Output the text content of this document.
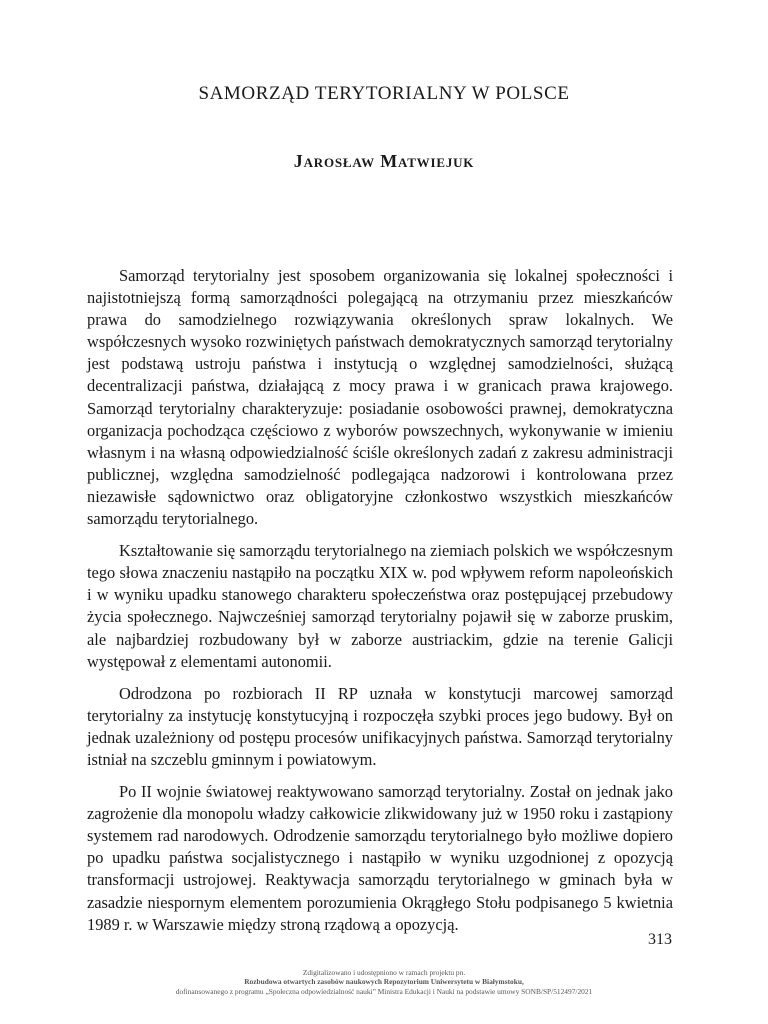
SAMORZĄD TERYTORIALNY W POLSCE
Jarosław Matwiejuk

Samorząd terytorialny jest sposobem organizowania się lokalnej społeczności i najistotniejszą formą samorządności polegającą na otrzymaniu przez mieszkańców prawa do samodzielnego rozwiązywania określonych spraw lokalnych. We współczesnych wysoko rozwiniętych państwach demokratycznych samorząd terytorialny jest podstawą ustroju państwa i instytucją o względnej samodzielności, służącą decentralizacji państwa, działającą z mocy prawa i w granicach prawa krajowego. Samorząd terytorialny charakteryzuje: posiadanie osobowości prawnej, demokratyczna organizacja pochodząca częściowo z wyborów powszechnych, wykonywanie w imieniu własnym i na własną odpowiedzialność ściśle określonych zadań z zakresu administracji publicznej, względna samodzielność podlegająca nadzorowi i kontrolowana przez niezawisłe sądownictwo oraz obligatoryjne członkostwo wszystkich mieszkańców samorządu terytorialnego.

Kształtowanie się samorządu terytorialnego na ziemiach polskich we współczesnym tego słowa znaczeniu nastąpiło na początku XIX w. pod wpływem reform napoleońskich i w wyniku upadku stanowego charakteru społeczeństwa oraz postępującej przebudowy życia społecznego. Najwcześniej samorząd terytorialny pojawił się w zaborze pruskim, ale najbardziej rozbudowany był w zaborze austriackim, gdzie na terenie Galicji występował z elementami autonomii.

Odrodzona po rozbiorach II RP uznała w konstytucji marcowej samorząd terytorialny za instytucję konstytucyjną i rozpoczęła szybki proces jego budowy. Był on jednak uzależniony od postępu procesów unifikacyjnych państwa. Samorząd terytorialny istniał na szczeblu gminnym i powiatowym.

Po II wojnie światowej reaktywowano samorząd terytorialny. Został on jednak jako zagrożenie dla monopolu władzy całkowicie zlikwidowany już w 1950 roku i zastąpiony systemem rad narodowych. Odrodzenie samorządu terytorialnego było możliwe dopiero po upadku państwa socjalistycznego i nastąpiło w wyniku uzgodnionej z opozycją transformacji ustrojowej. Reaktywacja samorządu terytorialnego w gminach była w zasadzie niespornym elementem porozumienia Okrągłego Stołu podpisanego 5 kwietnia 1989 r. w Warszawie między stroną rządową a opozycją.

313
Zdigitalizowano i udostępniono w ramach projektu pn.
Rozbudowa otwartych zasobów naukowych Repozytorium Uniwersytetu w Białymstoku,
dofinansowanego z programu „Społeczna odpowiedzialność nauki” Ministra Edukacji i Nauki na podstawie umowy SONB/SP/512497/2021
